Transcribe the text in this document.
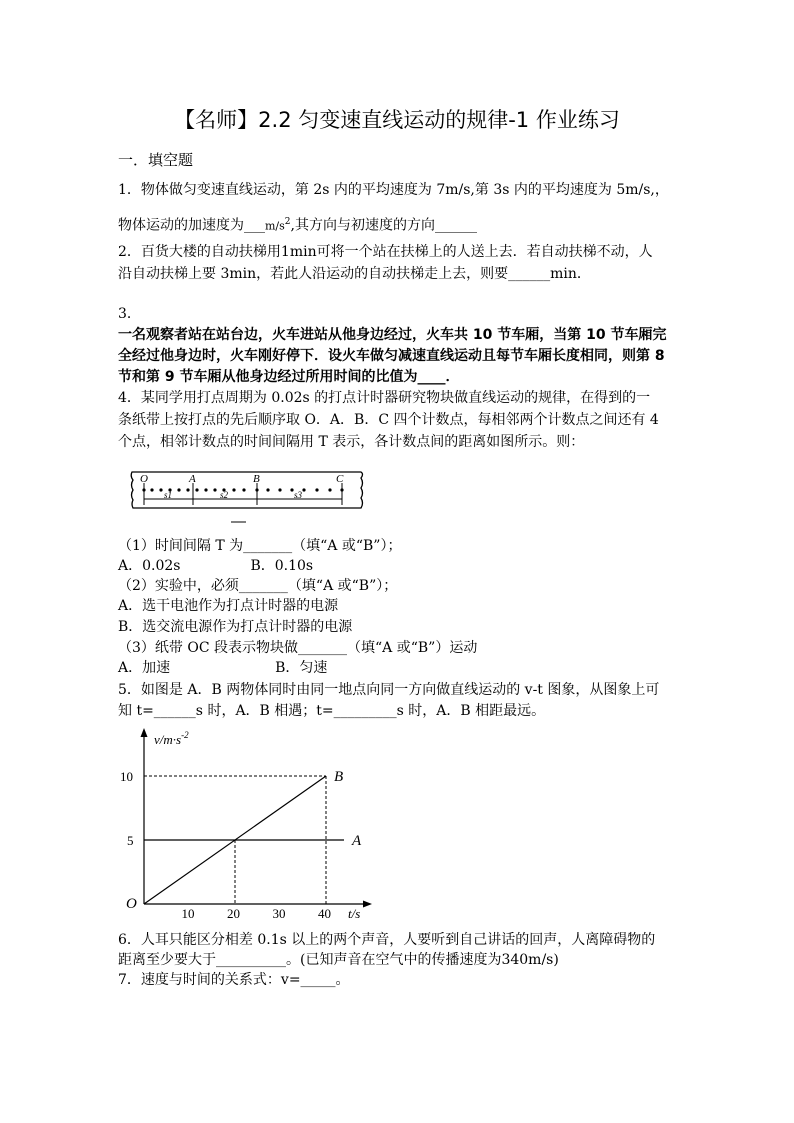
【名师】2.2 匀变速直线运动的规律-1 作业练习
一．填空题
1．物体做匀变速直线运动，第 2s 内的平均速度为 7m/s,第 3s 内的平均速度为 5m/s,，
物体运动的加速度为$\_\_\_m/s^2$,其方向与初速度的方向______
2．百货大楼的自动扶梯用1min可将一个站在扶梯上的人送上去．若自动扶梯不动，人
沿自动扶梯上要 3min，若此人沿运动的自动扶梯走上去，则要______min．
3．
一名观察者站在站台边，火车进站从他身边经过，火车共 10 节车厢，当第 10 节车厢完全经过他身边时，火车刚好停下．设火车做匀减速直线运动且每节车厢长度相同，则第 8 节和第 9 节车厢从他身边经过所用时间的比值为____．
4．某同学用打点周期为 0.02s 的打点计时器研究物块做直线运动的规律，在得到的一
条纸带上按打点的先后顺序取 O．A．B．C 四个计数点，每相邻两个计数点之间还有 4
个点，相邻计数点的时间间隔用 T 表示，各计数点间的距离如图所示。则：
O	A	B	C
s1	s2	s3
（1）时间间隔 T 为_______（填“A 或“B”）；
A．0.02s	B．0.10s
（2）实验中，必须_______（填“A 或“B”）；
A．选干电池作为打点计时器的电源
B．选交流电源作为打点计时器的电源
（3）纸带 OC 段表示物块做_______（填“A 或“B”）运动
A．加速	B．匀速
5．如图是 A．B 两物体同时由同一地点向同一方向做直线运动的 v-t 图象，从图象上可
知 t=______s 时，A．B 相遇；t=_________s 时，A．B 相距最远。
$v/m\cdot s^{-2}$
t/s
O
10	20	30	40
5
10
A
B
6．人耳只能区分相差 0.1s 以上的两个声音，人要听到自己讲话的回声，人离障碍物的
距离至少要大于__________。(已知声音在空气中的传播速度为340m/s)
7．速度与时间的关系式：v=_____。
